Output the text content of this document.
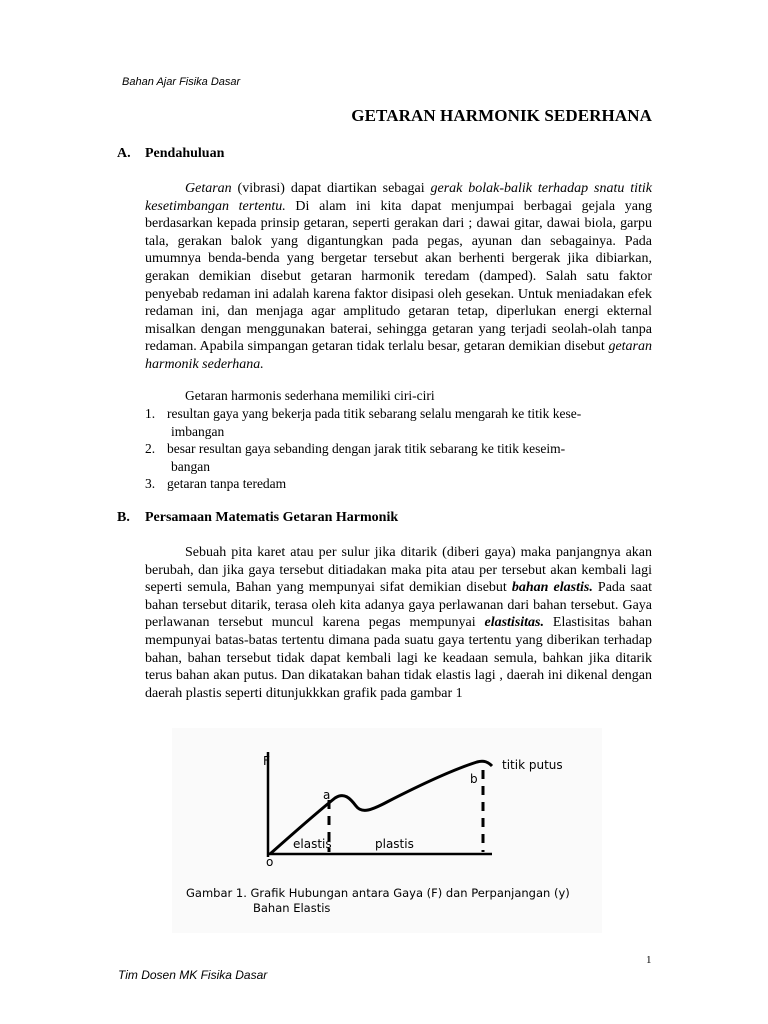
Bahan Ajar Fisika Dasar
GETARAN HARMONIK SEDERHANA
A. Pendahuluan
Getaran (vibrasi) dapat diartikan sebagai gerak bolak-balik terhadap snatu titik kesetimbangan tertentu. Di alam ini kita dapat menjumpai berbagai gejala yang berdasarkan kepada prinsip getaran, seperti gerakan dari ; dawai gitar, dawai biola, garpu tala, gerakan balok yang digantungkan pada pegas, ayunan dan sebagainya. Pada umumnya benda-benda yang bergetar tersebut akan berhenti bergerak jika dibiarkan, gerakan demikian disebut getaran harmonik teredam (damped). Salah satu faktor penyebab redaman ini adalah karena faktor disipasi oleh gesekan. Untuk meniadakan efek redaman ini, dan menjaga agar amplitudo getaran tetap, diperlukan energi ekternal misalkan dengan menggunakan baterai, sehingga getaran yang terjadi seolah-olah tanpa redaman. Apabila simpangan getaran tidak terlalu besar, getaran demikian disebut getaran harmonik sederhana.
Getaran harmonis sederhana memiliki ciri-ciri
1. resultan gaya yang bekerja pada titik sebarang selalu mengarah ke titik kese-
imbangan
2. besar resultan gaya sebanding dengan jarak titik sebarang ke titik keseim-
bangan
3. getaran tanpa teredam
B. Persamaan Matematis Getaran Harmonik
Sebuah pita karet atau per sulur jika ditarik (diberi gaya) maka panjangnya akan berubah, dan jika gaya tersebut ditiadakan maka pita atau per tersebut akan kembali lagi seperti semula, Bahan yang mempunyai sifat demikian disebut bahan elastis. Pada saat bahan tersebut ditarik, terasa oleh kita adanya gaya perlawanan dari bahan tersebut. Gaya perlawanan tersebut muncul karena pegas mempunyai elastisitas. Elastisitas bahan mempunyai batas-batas tertentu dimana pada suatu gaya tertentu yang diberikan terhadap bahan, bahan tersebut tidak dapat kembali lagi ke keadaan semula, bahkan jika ditarik terus bahan akan putus. Dan dikatakan bahan tidak elastis lagi , daerah ini dikenal dengan daerah plastis seperti ditunjukkkan grafik pada gambar 1
F
o
a
b
titik putus
elastis	plastis
Gambar 1. Grafik Hubungan antara Gaya (F) dan Perpanjangan (y)
Bahan Elastis
1
Tim Dosen MK Fisika Dasar
